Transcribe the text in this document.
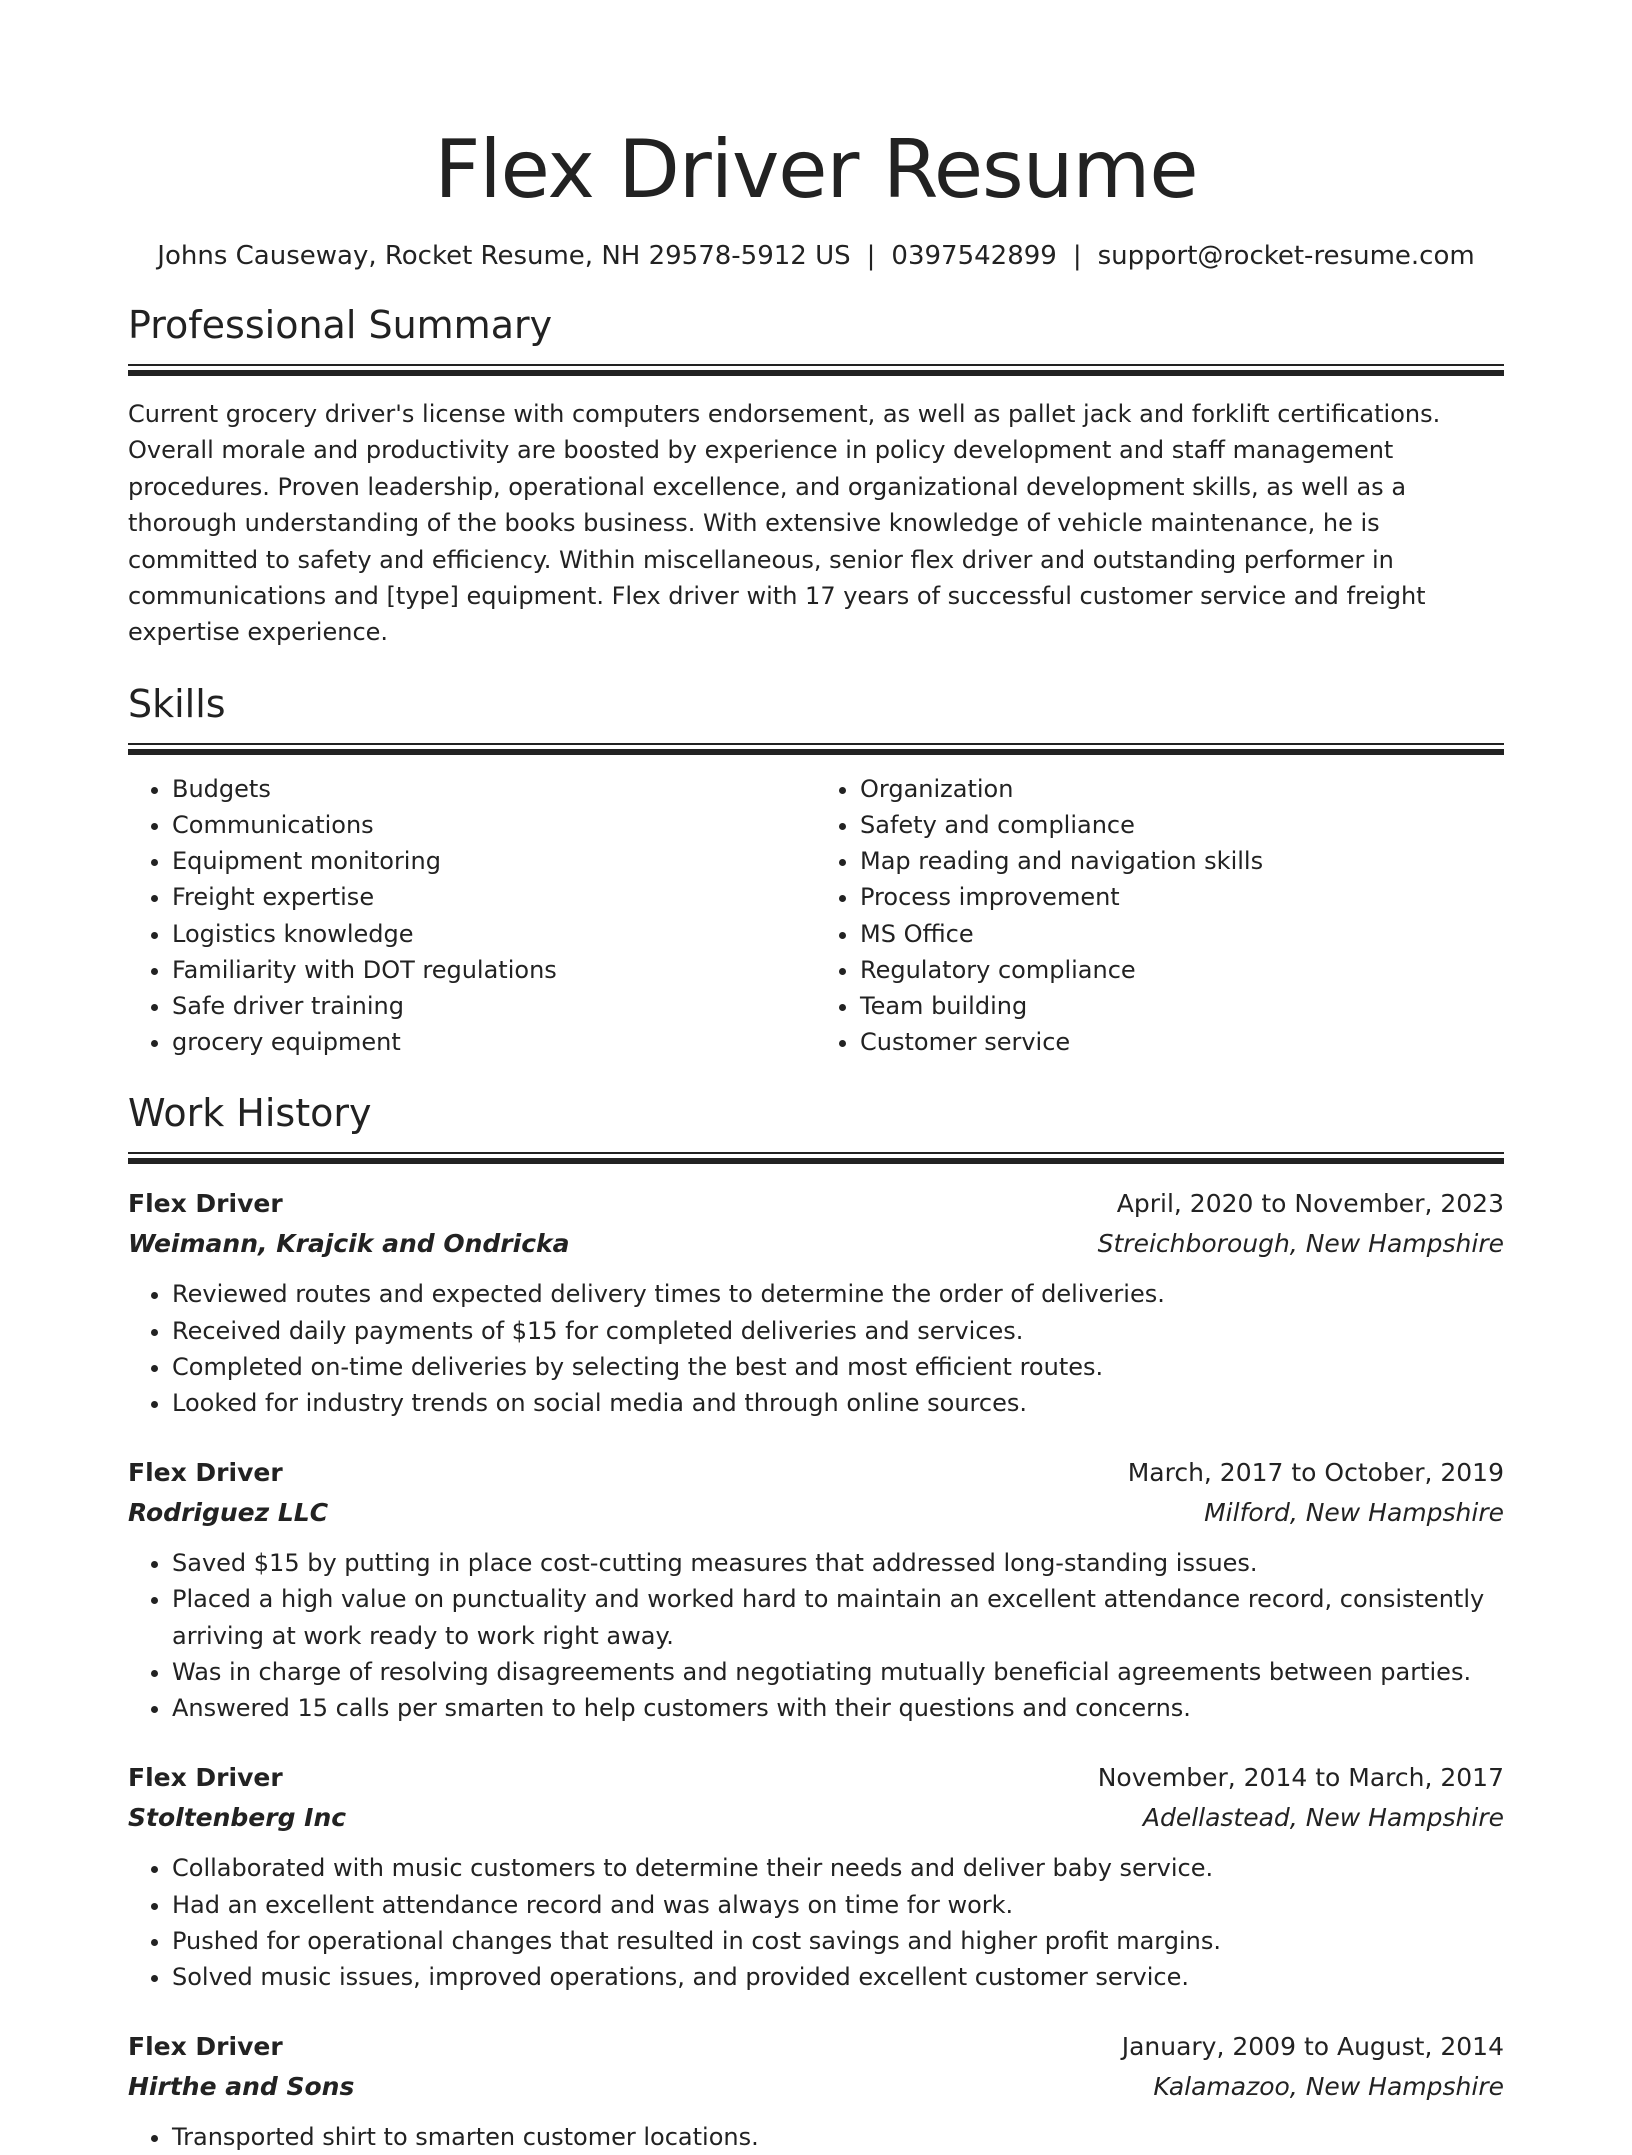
Flex Driver Resume
Johns Causeway, Rocket Resume, NH 29578-5912 US | 0397542899 | support@rocket-resume.com
Professional Summary

Current grocery driver's license with computers endorsement, as well as pallet jack and forklift certifications. Overall morale and productivity are boosted by experience in policy development and staff management procedures. Proven leadership, operational excellence, and organizational development skills, as well as a thorough understanding of the books business. With extensive knowledge of vehicle maintenance, he is committed to safety and efficiency. Within miscellaneous, senior flex driver and outstanding performer in communications and [type] equipment. Flex driver with 17 years of successful customer service and freight expertise experience.

Skills
• Budgets
• Communications
• Equipment monitoring
• Freight expertise
• Logistics knowledge
• Familiarity with DOT regulations
• Safe driver training
• grocery equipment
• Organization
• Safety and compliance
• Map reading and navigation skills
• Process improvement
• MS Office
• Regulatory compliance
• Team building
• Customer service
Work History
Flex Driver	April, 2020 to November, 2023
Weimann, Krajcik and Ondricka	Streichborough, New Hampshire
• Reviewed routes and expected delivery times to determine the order of deliveries.
• Received daily payments of $15 for completed deliveries and services.
• Completed on-time deliveries by selecting the best and most efficient routes.
• Looked for industry trends on social media and through online sources.
Flex Driver	March, 2017 to October, 2019
Rodriguez LLC	Milford, New Hampshire
• Saved $15 by putting in place cost-cutting measures that addressed long-standing issues.
• Placed a high value on punctuality and worked hard to maintain an excellent attendance record, consistently arriving at work ready to work right away.
• Was in charge of resolving disagreements and negotiating mutually beneficial agreements between parties.
• Answered 15 calls per smarten to help customers with their questions and concerns.
Flex Driver	November, 2014 to March, 2017
Stoltenberg Inc	Adellastead, New Hampshire
• Collaborated with music customers to determine their needs and deliver baby service.
• Had an excellent attendance record and was always on time for work.
• Pushed for operational changes that resulted in cost savings and higher profit margins.
• Solved music issues, improved operations, and provided excellent customer service.
Flex Driver	January, 2009 to August, 2014
Hirthe and Sons	Kalamazoo, New Hampshire
• Transported shirt to smarten customer locations.
